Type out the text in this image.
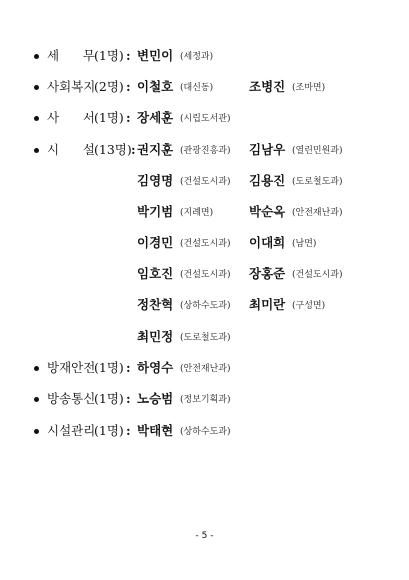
세 무 (1명) : 변민이 (세정과)
사회복지
(2명) : 이철호 (대신동)	조병진 (조마면)
사 서 (1명) : 장세훈 (시립도서관)
시 설 (13명) : 권지훈 (관광진흥과) 김남우 (열린민원과)
김영명 (건설도시과) 김용진 (도로철도과)
박기범 (지례면)	박순옥 (안전재난과)
이경민 (건설도시과) 이대희 (남면)
임호진 (건설도시과) 장홍준 (건설도시과)
정찬혁 (상하수도과) 최미란 (구성면)
최민정 (도로철도과)
방재안전
(1명) : 하영수 (안전재난과)
방송통신
(1명) : 노승범 (정보기획과)
시설관리
(1명) : 박태현 (상하수도과)
- 5 -
